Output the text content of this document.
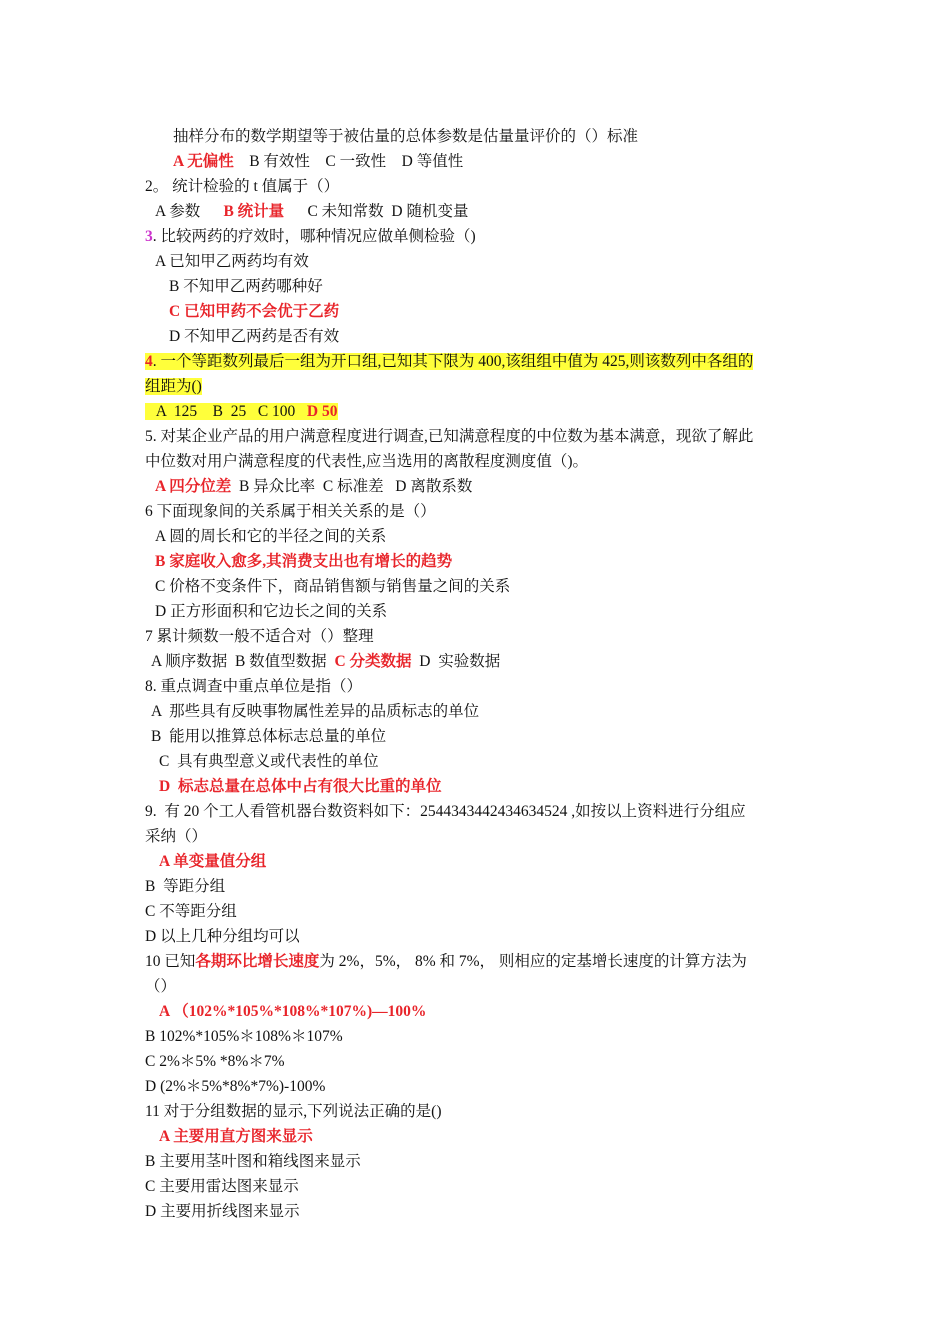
抽样分布的数学期望等于被估量的总体参数是估量量评价的（）标准
A 无偏性    B 有效性    C 一致性    D 等值性
2。 统计检验的 t 值属于（）
A 参数      B 统计量      C 未知常数  D 随机变量
3. 比较两药的疗效时，哪种情况应做单侧检验（)
A 已知甲乙两药均有效
B 不知甲乙两药哪种好
C 已知甲药不会优于乙药
D 不知甲乙两药是否有效
4. 一个等距数列最后一组为开口组,已知其下限为 400,该组组中值为 425,则该数列中各组的
组距为()
A  125    B  25   C 100   D 50
5. 对某企业产品的用户满意程度进行调查,已知满意程度的中位数为基本满意，现欲了解此
中位数对用户满意程度的代表性,应当选用的离散程度测度值（)。
A 四分位差  B 异众比率  C 标准差   D 离散系数
6 下面现象间的关系属于相关关系的是（）
A 圆的周长和它的半径之间的关系
B 家庭收入愈多,其消费支出也有增长的趋势
C 价格不变条件下，商品销售额与销售量之间的关系
D 正方形面积和它边长之间的关系
7 累计频数一般不适合对（）整理
A 顺序数据  B 数值型数据  C 分类数据  D  实验数据
8. 重点调查中重点单位是指（）
A  那些具有反映事物属性差异的品质标志的单位
B  能用以推算总体标志总量的单位
C  具有典型意义或代表性的单位
D  标志总量在总体中占有很大比重的单位
9.  有 20 个工人看管机器台数资料如下：2544343442434634524 ,如按以上资料进行分组应
采纳（）
A 单变量值分组
B  等距分组
C 不等距分组
D 以上几种分组均可以
10 已知各期环比增长速度为 2%，5%， 8% 和 7%， 则相应的定基增长速度的计算方法为
（）
A （102%*105%*108%*107%)—100%
B 102%*105%＊108%＊107%
C 2%＊5% *8%＊7%
D (2%＊5%*8%*7%)-100%
11 对于分组数据的显示,下列说法正确的是()
A 主要用直方图来显示
B 主要用茎叶图和箱线图来显示
C 主要用雷达图来显示
D 主要用折线图来显示
